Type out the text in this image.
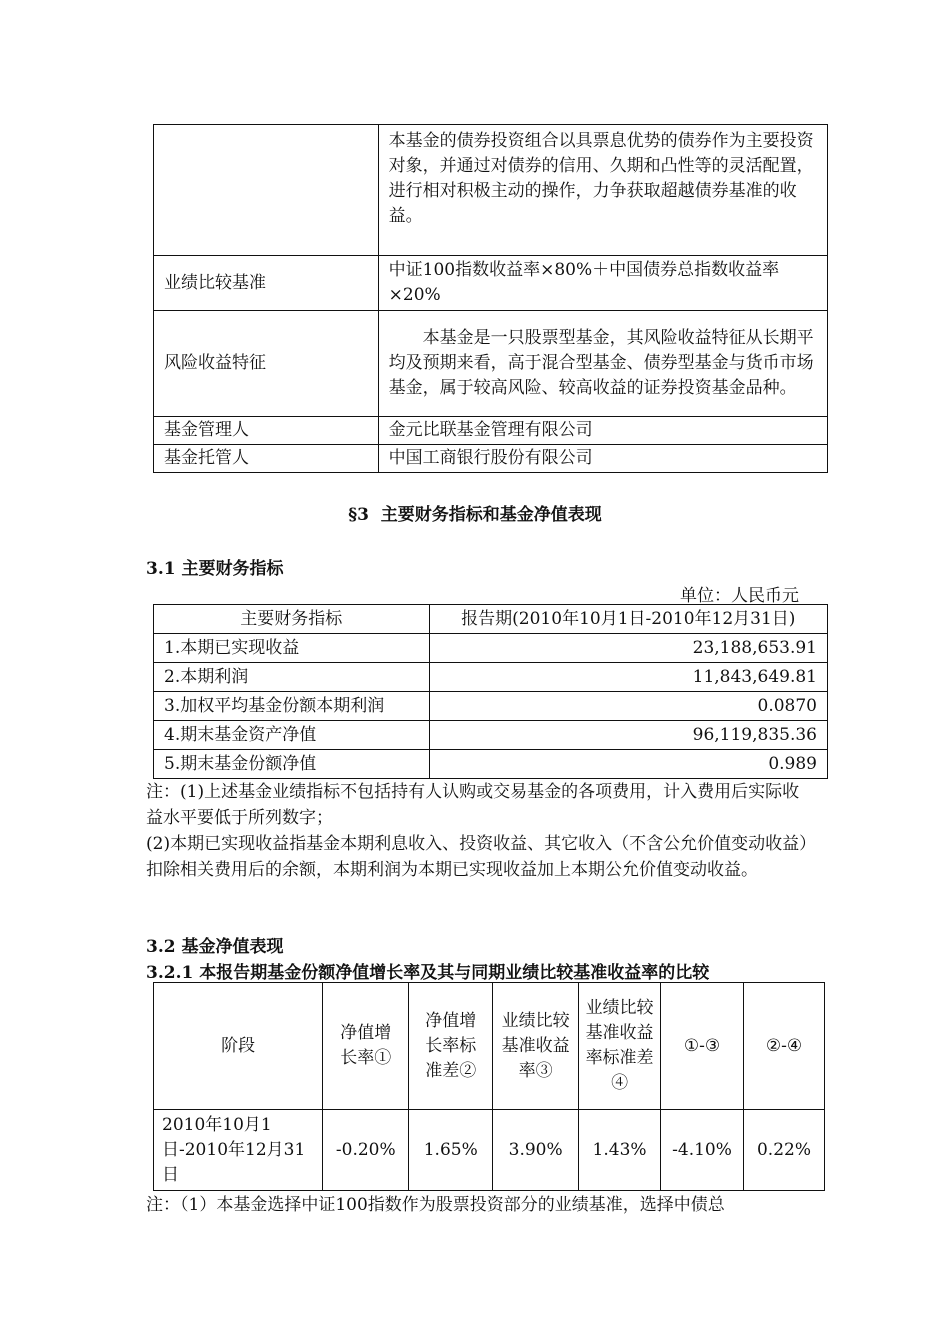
	本基金的债券投资组合以具票息优势的债券作为主要投资对象，并通过对债券的信用、久期和凸性等的灵活配置，进行相对积极主动的操作，力争获取超越债券基准的收益。
业绩比较基准	中证100指数收益率×80%＋中国债券总指数收益率×20%
风险收益特征	本基金是一只股票型基金，其风险收益特征从长期平均及预期来看，高于混合型基金、债券型基金与货币市场基金，属于较高风险、较高收益的证券投资基金品种。
基金管理人	金元比联基金管理有限公司
基金托管人	中国工商银行股份有限公司
§3  主要财务指标和基金净值表现
3.1 主要财务指标
单位：人民币元
主要财务指标	报告期(2010年10月1日-2010年12月31日)
1.本期已实现收益	23,188,653.91
2.本期利润	11,843,649.81
3.加权平均基金份额本期利润	0.0870
4.期末基金资产净值	96,119,835.36
5.期末基金份额净值	0.989
注：(1)上述基金业绩指标不包括持有人认购或交易基金的各项费用，计入费用后实际收益水平要低于所列数字；
(2)本期已实现收益指基金本期利息收入、投资收益、其它收入（不含公允价值变动收益）扣除相关费用后的余额，本期利润为本期已实现收益加上本期公允价值变动收益。
3.2 基金净值表现
3.2.1 本报告期基金份额净值增长率及其与同期业绩比较基准收益率的比较
阶段	净值增长率①	净值增长率标准差②	业绩比较基准收益率③	业绩比较基准收益率标准差④	①-③	②-④
2010年10月1日-2010年12月31日	-0.20%	1.65%	3.90%	1.43%	-4.10%	0.22%
注：（1）本基金选择中证100指数作为股票投资部分的业绩基准，选择中债总
